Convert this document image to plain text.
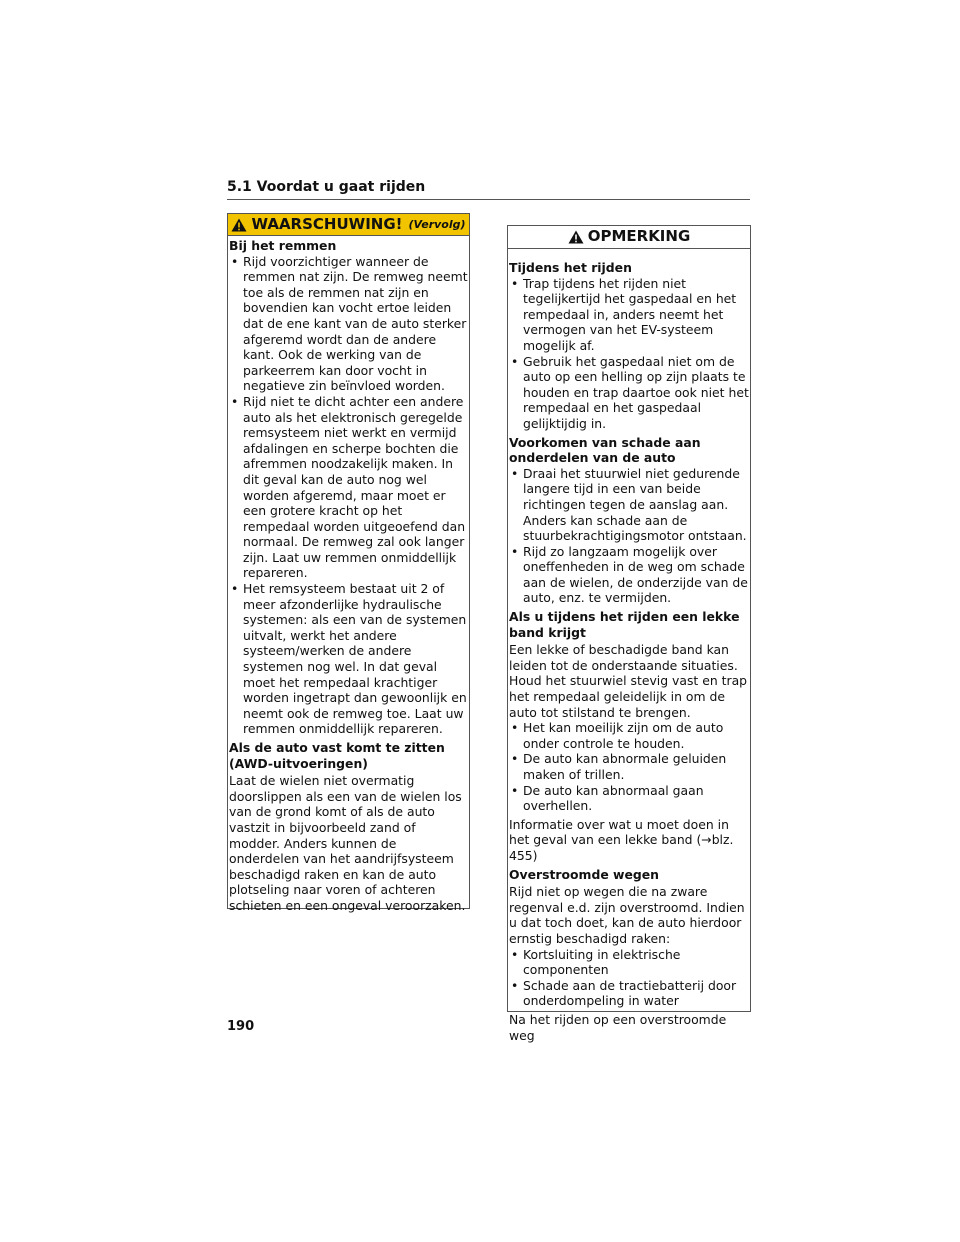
5.1 Voordat u gaat rijden
WAARSCHUWING! (Vervolg)
Bij het remmen
• Rijd voorzichtiger wanneer de remmen nat zijn. De remweg neemt toe als de remmen nat zijn en bovendien kan vocht ertoe leiden dat de ene kant van de auto sterker afgeremd wordt dan de andere kant. Ook de werking van de parkeerrem kan door vocht in negatieve zin beïnvloed worden.
• Rijd niet te dicht achter een andere auto als het elektronisch geregelde remsysteem niet werkt en vermijd afdalingen en scherpe bochten die afremmen noodzakelijk maken. In dit geval kan de auto nog wel worden afgeremd, maar moet er een grotere kracht op het rempedaal worden uitgeoefend dan normaal. De remweg zal ook langer zijn. Laat uw remmen onmiddellijk repareren.
• Het remsysteem bestaat uit 2 of meer afzonderlijke hydraulische systemen: als een van de systemen uitvalt, werkt het andere systeem/werken de andere systemen nog wel. In dat geval moet het rempedaal krachtiger worden ingetrapt dan gewoonlijk en neemt ook de remweg toe. Laat uw remmen onmiddellijk repareren.
Als de auto vast komt te zitten (AWD-uitvoeringen)
Laat de wielen niet overmatig doorslippen als een van de wielen los van de grond komt of als de auto vastzit in bijvoorbeeld zand of modder. Anders kunnen de onderdelen van het aandrijfsysteem beschadigd raken en kan de auto plotseling naar voren of achteren schieten en een ongeval veroorzaken.
OPMERKING
Tijdens het rijden
• Trap tijdens het rijden niet tegelijkertijd het gaspedaal en het rempedaal in, anders neemt het vermogen van het EV-systeem mogelijk af.
• Gebruik het gaspedaal niet om de auto op een helling op zijn plaats te houden en trap daartoe ook niet het rempedaal en het gaspedaal gelijktijdig in.
Voorkomen van schade aan onderdelen van de auto
• Draai het stuurwiel niet gedurende langere tijd in een van beide richtingen tegen de aanslag aan. Anders kan schade aan de stuurbekrachtigingsmotor ontstaan.
• Rijd zo langzaam mogelijk over oneffenheden in de weg om schade aan de wielen, de onderzijde van de auto, enz. te vermijden.
Als u tijdens het rijden een lekke band krijgt
Een lekke of beschadigde band kan leiden tot de onderstaande situaties. Houd het stuurwiel stevig vast en trap het rempedaal geleidelijk in om de auto tot stilstand te brengen.
• Het kan moeilijk zijn om de auto onder controle te houden.
• De auto kan abnormale geluiden maken of trillen.
• De auto kan abnormaal gaan overhellen.
Informatie over wat u moet doen in het geval van een lekke band (→blz. 455)
Overstroomde wegen
Rijd niet op wegen die na zware regenval e.d. zijn overstroomd. Indien u dat toch doet, kan de auto hierdoor ernstig beschadigd raken:
• Kortsluiting in elektrische componenten
• Schade aan de tractiebatterij door onderdompeling in water
Na het rijden op een overstroomde weg
190
